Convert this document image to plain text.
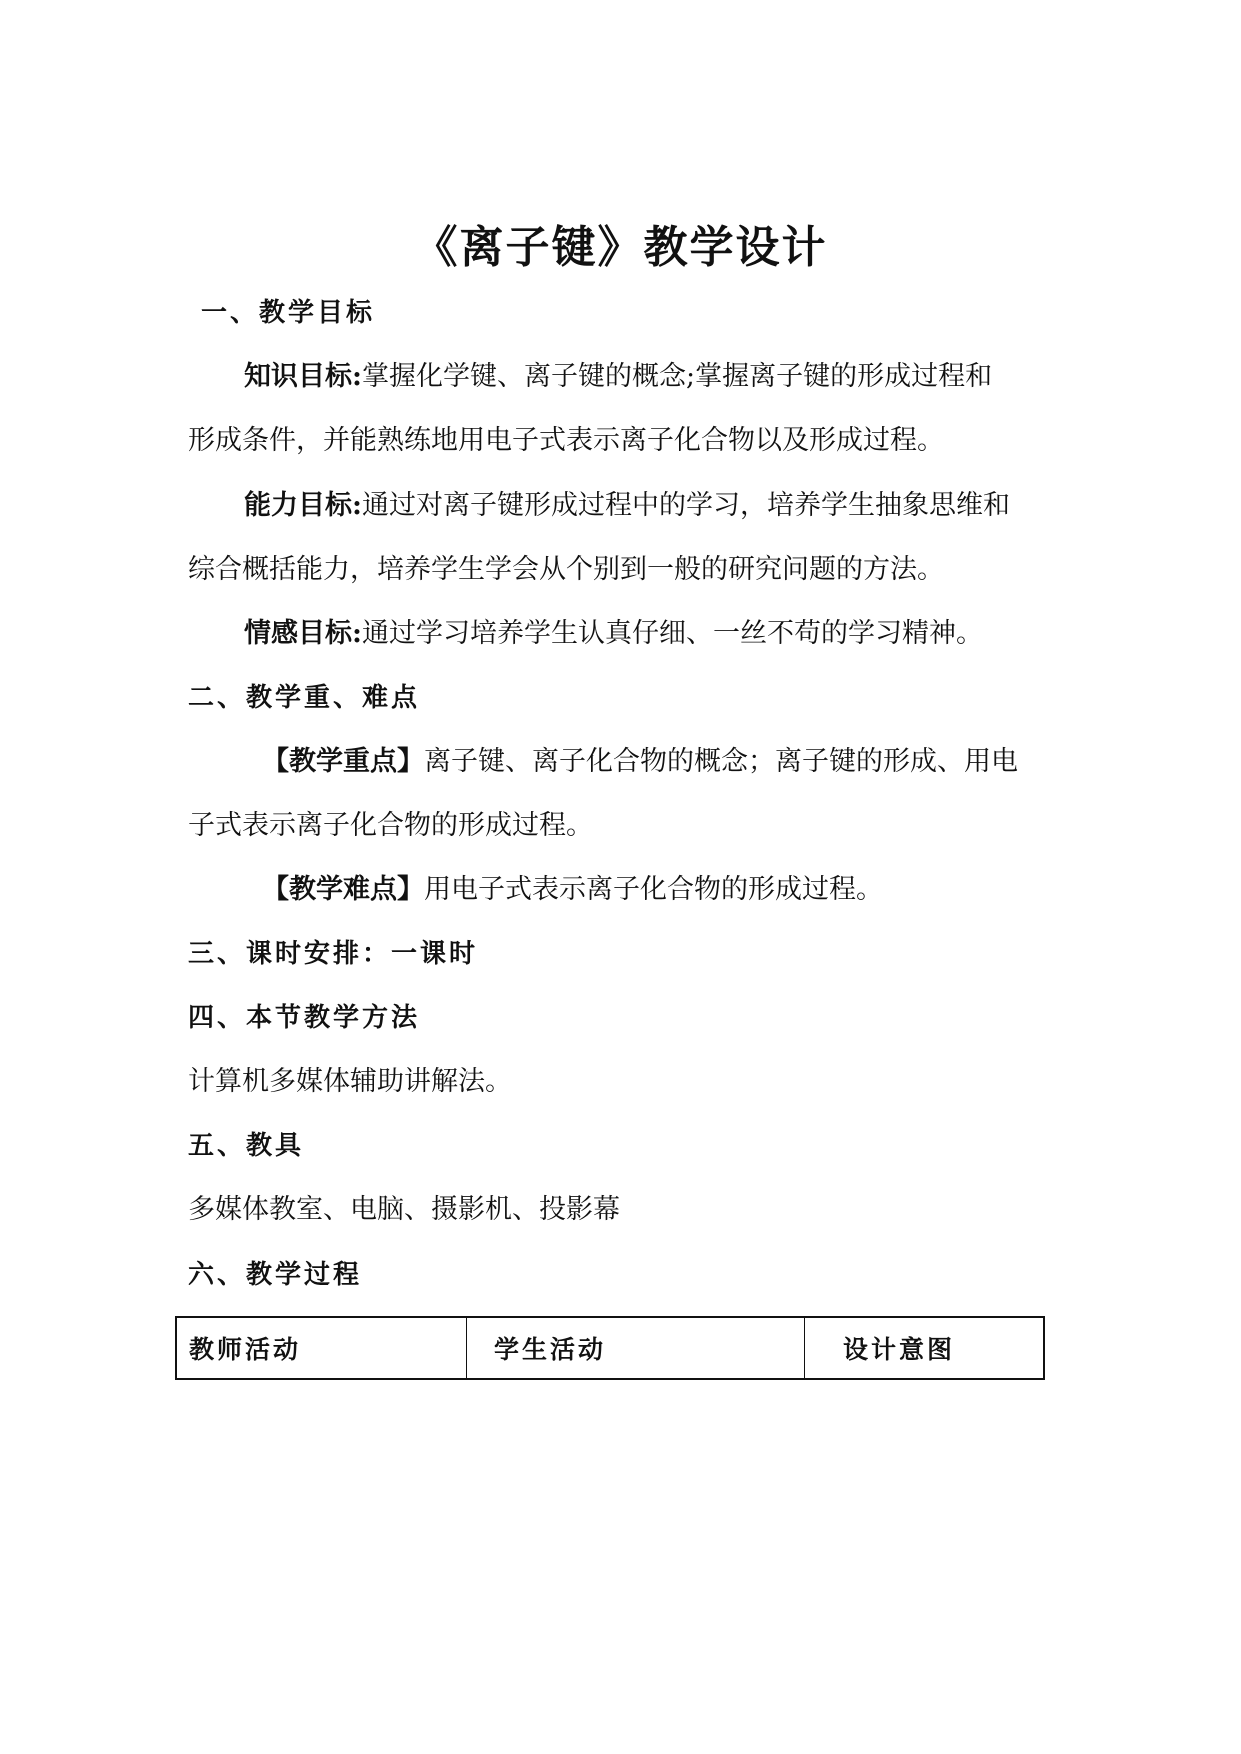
《离子键》教学设计
一、教学目标
知识目标:掌握化学键、离子键的概念;掌握离子键的形成过程和
形成条件，并能熟练地用电子式表示离子化合物以及形成过程。
能力目标:通过对离子键形成过程中的学习，培养学生抽象思维和
综合概括能力，培养学生学会从个别到一般的研究问题的方法。
情感目标:通过学习培养学生认真仔细、一丝不苟的学习精神。
二、教学重、难点
【教学重点】离子键、离子化合物的概念；离子键的形成、用电
子式表示离子化合物的形成过程。
【教学难点】用电子式表示离子化合物的形成过程。
三、课时安排：一课时
四、本节教学方法
计算机多媒体辅助讲解法。
五、教具
多媒体教室、电脑、摄影机、投影幕
六、教学过程
教师活动	学生活动	设计意图
